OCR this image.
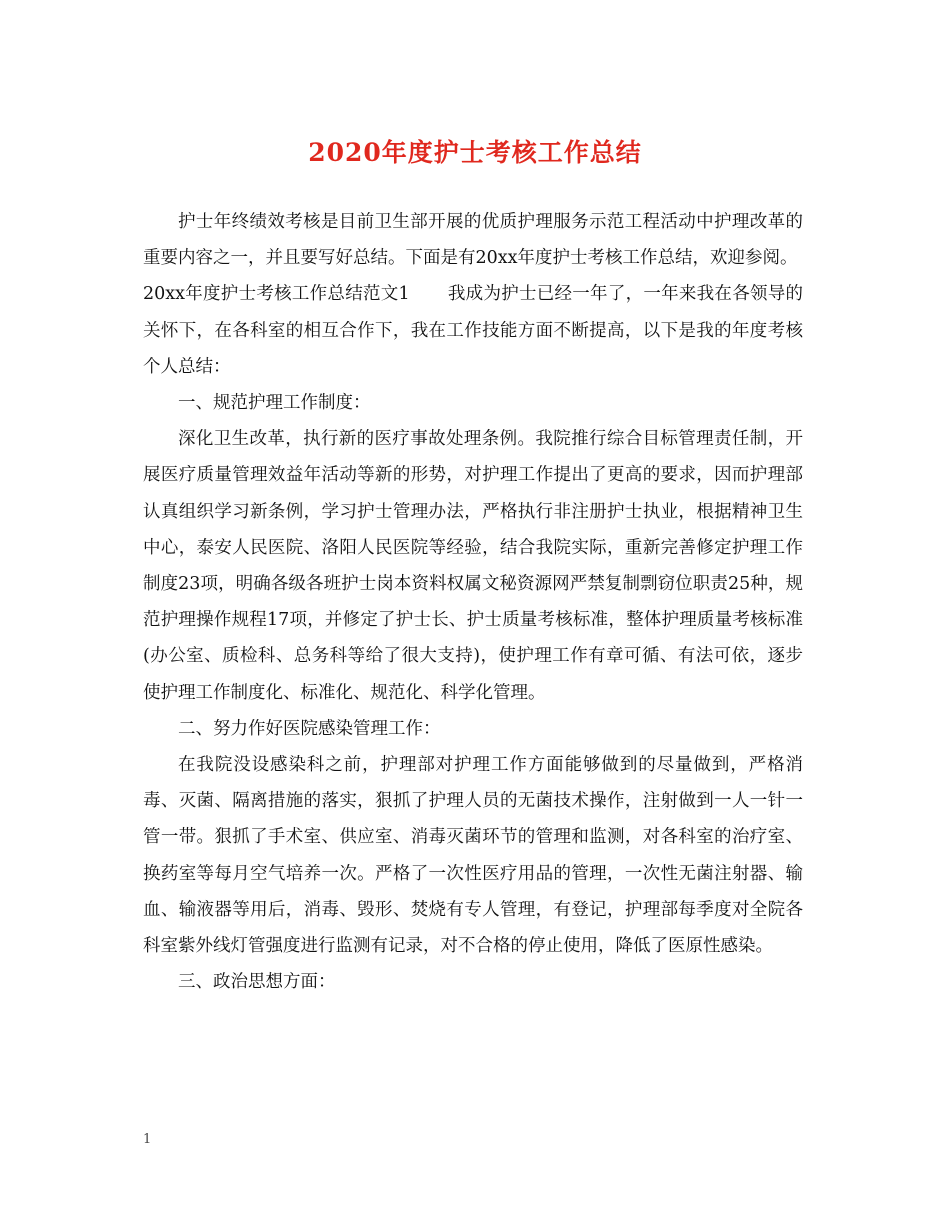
2020年度护士考核工作总结

护士年终绩效考核是目前卫生部开展的优质护理服务示范工程活动中护理改革的重要内容之一，并且要写好总结。下面是有20xx年度护士考核工作总结，欢迎参阅。

20xx年度护士考核工作总结范文1 我成为护士已经一年了，一年来我在各领导的关怀下，在各科室的相互合作下，我在工作技能方面不断提高，以下是我的年度考核个人总结：

一、规范护理工作制度：

深化卫生改革，执行新的医疗事故处理条例。我院推行综合目标管理责任制，开展医疗质量管理效益年活动等新的形势，对护理工作提出了更高的要求，因而护理部认真组织学习新条例，学习护士管理办法，严格执行非注册护士执业，根据精神卫生中心，泰安人民医院、洛阳人民医院等经验，结合我院实际，重新完善修定护理工作制度23项，明确各级各班护士岗本资料权属文秘资源网严禁复制剽窃位职责25种，规范护理操作规程17项，并修定了护士长、护士质量考核标准，整体护理质量考核标准(办公室、质检科、总务科等给了很大支持)，使护理工作有章可循、有法可依，逐步使护理工作制度化、标准化、规范化、科学化管理。

二、努力作好医院感染管理工作：

在我院没设感染科之前，护理部对护理工作方面能够做到的尽量做到，严格消毒、灭菌、隔离措施的落实，狠抓了护理人员的无菌技术操作，注射做到一人一针一管一带。狠抓了手术室、供应室、消毒灭菌环节的管理和监测，对各科室的治疗室、换药室等每月空气培养一次。严格了一次性医疗用品的管理，一次性无菌注射器、输血、输液器等用后，消毒、毁形、焚烧有专人管理，有登记，护理部每季度对全院各科室紫外线灯管强度进行监测有记录，对不合格的停止使用，降低了医原性感染。

三、政治思想方面：

1
